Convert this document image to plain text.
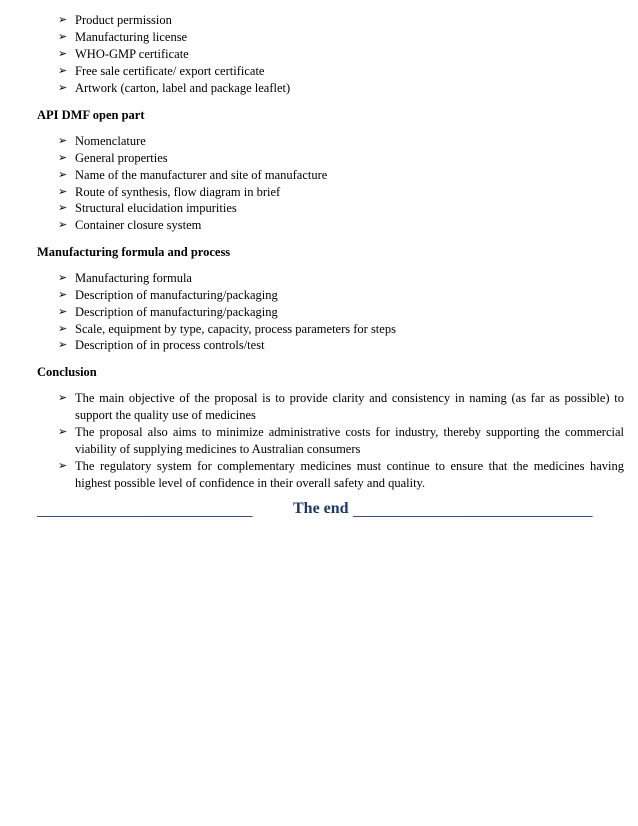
➢ Product permission
➢ Manufacturing license
➢ WHO-GMP certificate
➢ Free sale certificate/ export certificate
➢ Artwork (carton, label and package leaflet)
API DMF open part
➢ Nomenclature
➢ General properties
➢ Name of the manufacturer and site of manufacture
➢ Route of synthesis, flow diagram in brief
➢ Structural elucidation impurities
➢ Container closure system
Manufacturing formula and process
➢ Manufacturing formula
➢ Description of manufacturing/packaging
➢ Description of manufacturing/packaging
➢ Scale, equipment by type, capacity, process parameters for steps
➢ Description of in process controls/test
Conclusion
➢ The main objective of the proposal is to provide clarity and consistency in naming (as far as possible) to support the quality use of medicines
➢ The proposal also aims to minimize administrative costs for industry, thereby supporting the commercial viability of supplying medicines to Australian consumers
➢ The regulatory system for complementary medicines must continue to ensure that the medicines having highest possible level of confidence in their overall safety and quality.
___________________________	The end ______________________________
